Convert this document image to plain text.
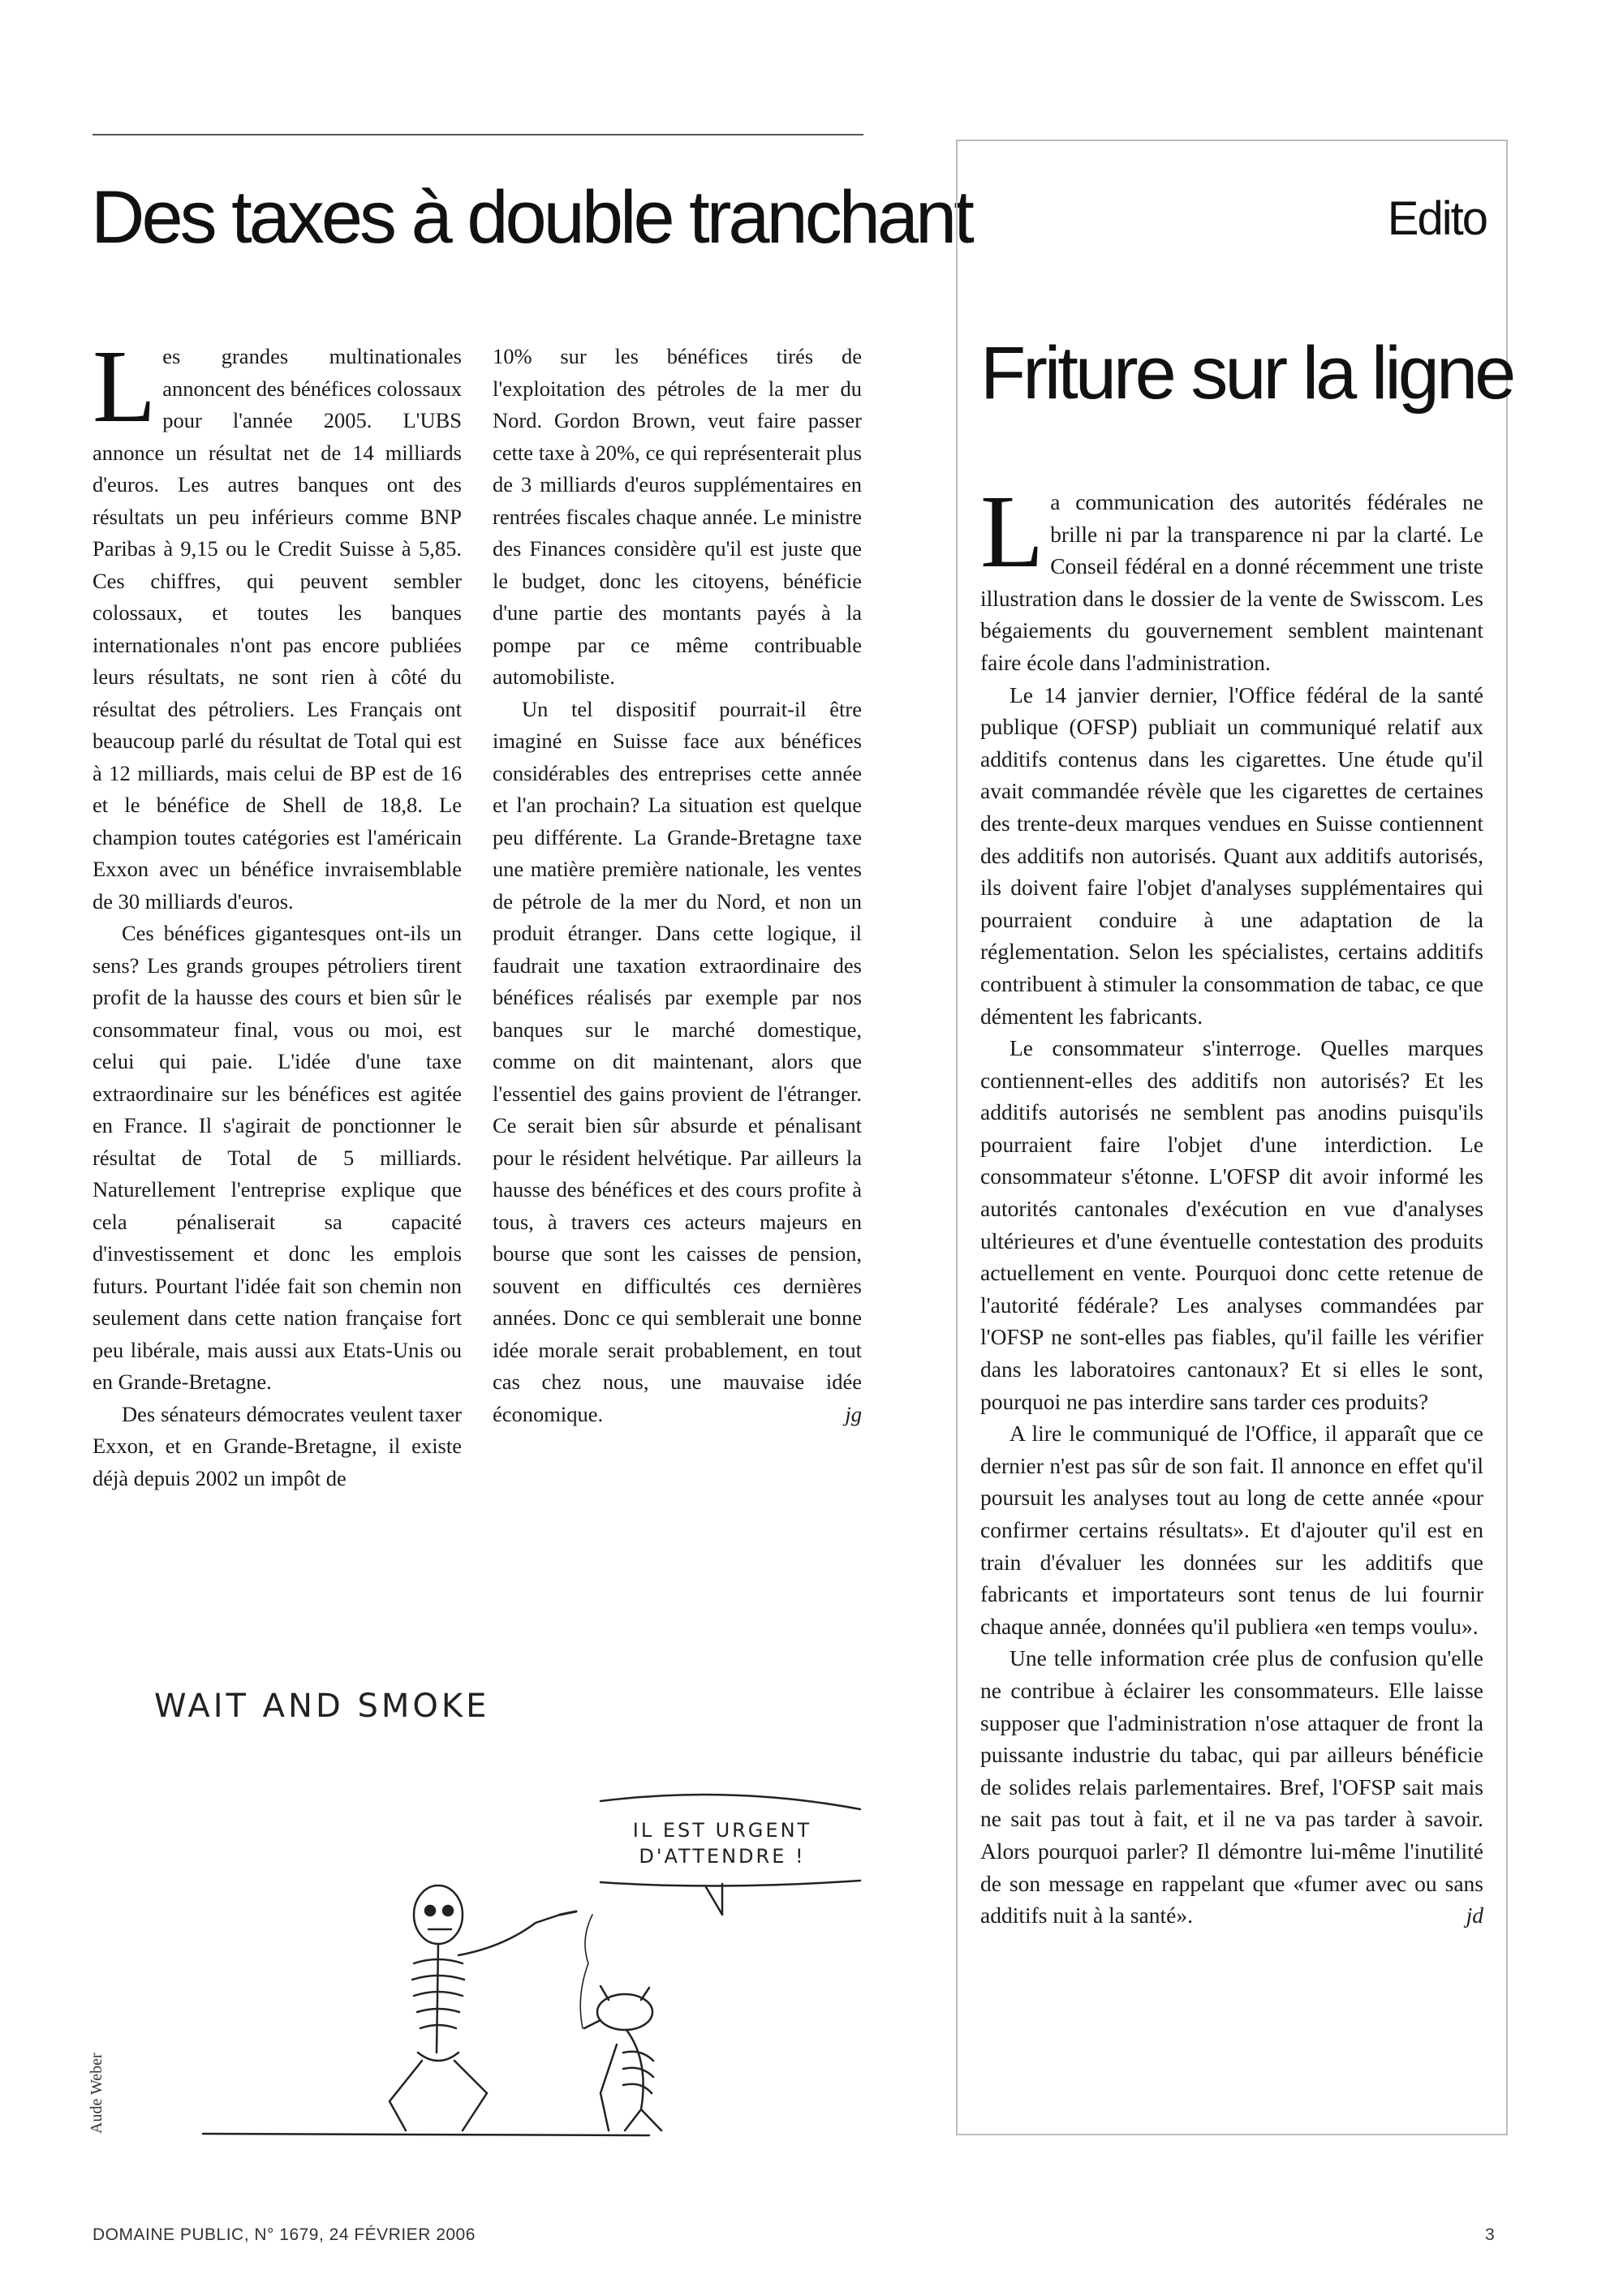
Des taxes à double tranchant

Les grandes multinationales annoncent des bénéfices colossaux pour l'année 2005. L'UBS annonce un résultat net de 14 milliards d'euros. Les autres banques ont des résultats un peu inférieurs comme BNP Paribas à 9,15 ou le Credit Suisse à 5,85. Ces chiffres, qui peuvent sembler colossaux, et toutes les banques internationales n'ont pas encore publiées leurs résultats, ne sont rien à côté du résultat des pétroliers. Les Français ont beaucoup parlé du résultat de Total qui est à 12 milliards, mais celui de BP est de 16 et le bénéfice de Shell de 18,8. Le champion toutes catégories est l'américain Exxon avec un bénéfice invraisemblable de 30 milliards d'euros.

Ces bénéfices gigantesques ont-ils un sens? Les grands groupes pétroliers tirent profit de la hausse des cours et bien sûr le consommateur final, vous ou moi, est celui qui paie. L'idée d'une taxe extraordinaire sur les bénéfices est agitée en France. Il s'agirait de ponctionner le résultat de Total de 5 milliards. Naturellement l'entreprise explique que cela pénaliserait sa capacité d'investissement et donc les emplois futurs. Pourtant l'idée fait son chemin non seulement dans cette nation française fort peu libérale, mais aussi aux Etats-Unis ou en Grande-Bretagne.

Des sénateurs démocrates veulent taxer Exxon, et en Grande-Bretagne, il existe déjà depuis 2002 un impôt de

10% sur les bénéfices tirés de l'exploitation des pétroles de la mer du Nord. Gordon Brown, veut faire passer cette taxe à 20%, ce qui représenterait plus de 3 milliards d'euros supplémentaires en rentrées fiscales chaque année. Le ministre des Finances considère qu'il est juste que le budget, donc les citoyens, bénéficie d'une partie des montants payés à la pompe par ce même contribuable automobiliste.

Un tel dispositif pourrait-il être imaginé en Suisse face aux bénéfices considérables des entreprises cette année et l'an prochain? La situation est quelque peu différente. La Grande-Bretagne taxe une matière première nationale, les ventes de pétrole de la mer du Nord, et non un produit étranger. Dans cette logique, il faudrait une taxation extraordinaire des bénéfices réalisés par exemple par nos banques sur le marché domestique, comme on dit maintenant, alors que l'essentiel des gains provient de l'étranger. Ce serait bien sûr absurde et pénalisant pour le résident helvétique. Par ailleurs la hausse des bénéfices et des cours profite à tous, à travers ces acteurs majeurs en bourse que sont les caisses de pension, souvent en difficultés ces dernières années. Donc ce qui semblerait une bonne idée morale serait probablement, en tout cas chez nous, une mauvaise idée économique.	jg

WAIT AND SMOKE
IL EST URGENT
D'ATTENDRE !
Aude Weber
Edito
Friture sur la ligne

La communication des autorités fédérales ne brille ni par la transparence ni par la clarté. Le Conseil fédéral en a donné récemment une triste illustration dans le dossier de la vente de Swisscom. Les bégaiements du gouvernement semblent maintenant faire école dans l'administration.

Le 14 janvier dernier, l'Office fédéral de la santé publique (OFSP) publiait un communiqué relatif aux additifs contenus dans les cigarettes. Une étude qu'il avait commandée révèle que les cigarettes de certaines des trente-deux marques vendues en Suisse contiennent des additifs non autorisés. Quant aux additifs autorisés, ils doivent faire l'objet d'analyses supplémentaires qui pourraient conduire à une adaptation de la réglementation. Selon les spécialistes, certains additifs contribuent à stimuler la consommation de tabac, ce que démentent les fabricants.

Le consommateur s'interroge. Quelles marques contiennent-elles des additifs non autorisés? Et les additifs autorisés ne semblent pas anodins puisqu'ils pourraient faire l'objet d'une interdiction. Le consommateur s'étonne. L'OFSP dit avoir informé les autorités cantonales d'exécution en vue d'analyses ultérieures et d'une éventuelle contestation des produits actuellement en vente. Pourquoi donc cette retenue de l'autorité fédérale? Les analyses commandées par l'OFSP ne sont-elles pas fiables, qu'il faille les vérifier dans les laboratoires cantonaux? Et si elles le sont, pourquoi ne pas interdire sans tarder ces produits?

A lire le communiqué de l'Office, il apparaît que ce dernier n'est pas sûr de son fait. Il annonce en effet qu'il poursuit les analyses tout au long de cette année «pour confirmer certains résultats». Et d'ajouter qu'il est en train d'évaluer les données sur les additifs que fabricants et importateurs sont tenus de lui fournir chaque année, données qu'il publiera «en temps voulu».

Une telle information crée plus de confusion qu'elle ne contribue à éclairer les consommateurs. Elle laisse supposer que l'administration n'ose attaquer de front la puissante industrie du tabac, qui par ailleurs bénéficie de solides relais parlementaires. Bref, l'OFSP sait mais ne sait pas tout à fait, et il ne va pas tarder à savoir. Alors pourquoi parler? Il démontre lui-même l'inutilité de son message en rappelant que «fumer avec ou sans additifs nuit à la santé».	jd

DOMAINE PUBLIC, N° 1679, 24 FÉVRIER 2006	3
